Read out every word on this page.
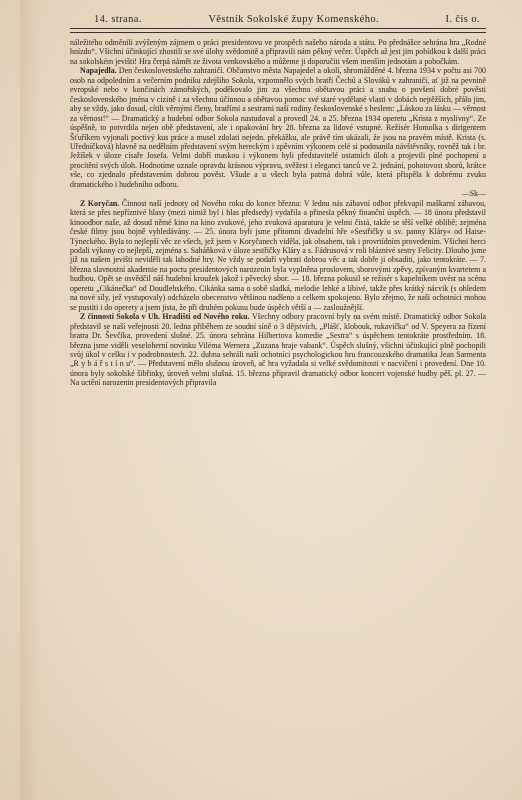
14. strana.	Věstník Sokolské župy Komenského.	I. čís o.

náležitého odměnili zvýšeným zájmem o práci presidentovu ve prospěch našeho národa a státu. Po přednášce sehrána hra „Rodné hnízdo“. Všichni účinkující zhostili se své úlohy svědomitě a připravili nám pěkný večer. Úspěch až jest jim pobídkou k další práci na sokolském jevišti! Hra čerpá námět ze života venkovského a můžeme ji doporučiti všem menším jednotám a pobočkám.

Napajedla. Den československého zahraničí. Občanstvo města Napajedel a okolí, shromážděné 4. března 1934 v počtu asi 700 osob na odpoledním a večerním podniku zdejšího Sokola, vzpomnělo svých bratří Čechů a Slováků v zahraničí, ať již na pevnině evropské nebo v končinách zámořských, poděkovalo jim za všechnu obětavou práci a snahu o povšení dobré pověsti československého jména v cizině i za všechnu účinnou a obětavou pomoc své staré vydělané vlasti v dobách nejtěžších, přálo jim, aby se vždy, jako dosud, cítili věrnými členy, bratřími a sestrami naší rodiny československé s heslem: „Láskou za lásku — věrnost za věrnost!“ — Dramatický a hudební odbor Sokola nastudoval a provedl 24. a 25. března 1934 operetu „Krista z myslivny“. Ze úspěšně, to potvrdila nejen obě představení, ale i opakování hry 28. března za lidové vstupné. Režisér Homolka s dirigentem Šťuříkem vyjonali poctivý kus práce a musel zdolati nejedn. překážku, ale právě tím ukázali, že jsou na pravém místě. Krista (s. Uředníčková) hlavně na nedělním představení svým hereckým i zpěvním výkonem celé si podmanila návštěvníky, rovněž tak i br. Ježíšek v úloze císaře Josefa. Velmi dobří maskou i výkonem byli představitelé ostatních úloh a projevili plné pochopení a procítění svých úloh. Hodnotíme uznale opravdu krásnou výpravu, svěžest i eleganci tanců ve 2. jednání, pohotovost sborů, krátce vše, co zjednalo představením dobrou pověst. Všude a u všech byla patrná dobrá vůle, která přispěla k dobrému zvuku dramatického i hudebního odboru.
—Sk—

Z Koryčan. Činnost naší jednoty od Nového roku do konce března: V lednu nás zábavní odbor překvapil maškarní zábavou, která se přes nepříznivé hlasy (mezi nimiž byl i hlas předsedy) vydařila a přinesla pěkný finanční úspěch. — 18 února představil kinoodbor naše, až dosud němé kino na kino zvukové, jeho zvuková aparatura je velmi čistá, takže se těší velké oblibě; zejména české filmy jsou hojně vyhledávány. — 25. února byli jsme přítomni divadelní hře »Sestřičky u sv. panny Kláry« od Haise-Týneckého. Byla to nejlepší věc ze všech, jež jsem v Koryčanech viděla, jak obsahem, tak i provrtídním provedením. Všichni herci podali výkony co nejlepší, zejména s. Saháňková v úloze sestřičky Kláry a s. Fádrusová v roli bláznivé sestry Felicity. Dlouho jsme již na našem jevišti neviděli tak lahodné hry. Ne vždy se podaří vybrati dobrou věc a tak dobře ji obsaditi, jako tentokráte. — 7. března slavnostní akademie na poctu presidentových narozenin byla vyplněna proslovem, sborovými zpěvy, zpívaným kvartetem a hudbou. Opět se osvědčil náš hudební kroužek jakož i pěvecký sbor. — 18. března pokusil se režisér s kapelníkem uvést na scénu operetu „Cikánečka“ od Doudlebského. Cikánka sama o sobě sladká, melodie lehké a líbivé, takže přes krátký nácvik (s ohledem na nové síly, jež vystupovaly) odcházelo obecenstvo většinou nadšeno a celkem spokojeno. Bylo zřejmo, že naši ochotníci mohou se pustiti i do operety a jsem jista, že při druhém pokusu bude úspěch větší a — zasloužnější.

Z činnosti Sokola v Uh. Hradišti od Nového roku. Všechny odbory pracovní byly na svém místě. Dramatický odbor Sokola představil se naší veřejnosti 20. ledna přiběhem ze soudní síně o 3 dějstvích, „Plášť, klobouk, rukavička“ od V. Speyera za řízení bratra Dr. Ševčíka, provedení slušné. 25. února sehrána Hilbertova komedie „Sestra“ s úspěchem tentokráte prostředním. 18. března jsme viděli veseloherní novinku Viléma Wernera „Zuzana hraje vabank“. Úspěch slušný, všichni účinkující plně pochopili svůj úkol v celku i v podrobnostech. 22. dubna sehráli naši ochotníci psychologickou hru francouzského dramatika Jean Sarmenta „R y b á ř s t í n u“. — Představení mělo slušnou úroveň, ač hra vyžadala si velké svědomitosti v nacvičení i provedení. Dne 10. února byly sokolské šibřinky, úroveň velmi slušná. 15. března připravil dramatický odbor koncert vojenské hudby pěš. pl. 27. — Na uctění narozenin presidentových připravila
